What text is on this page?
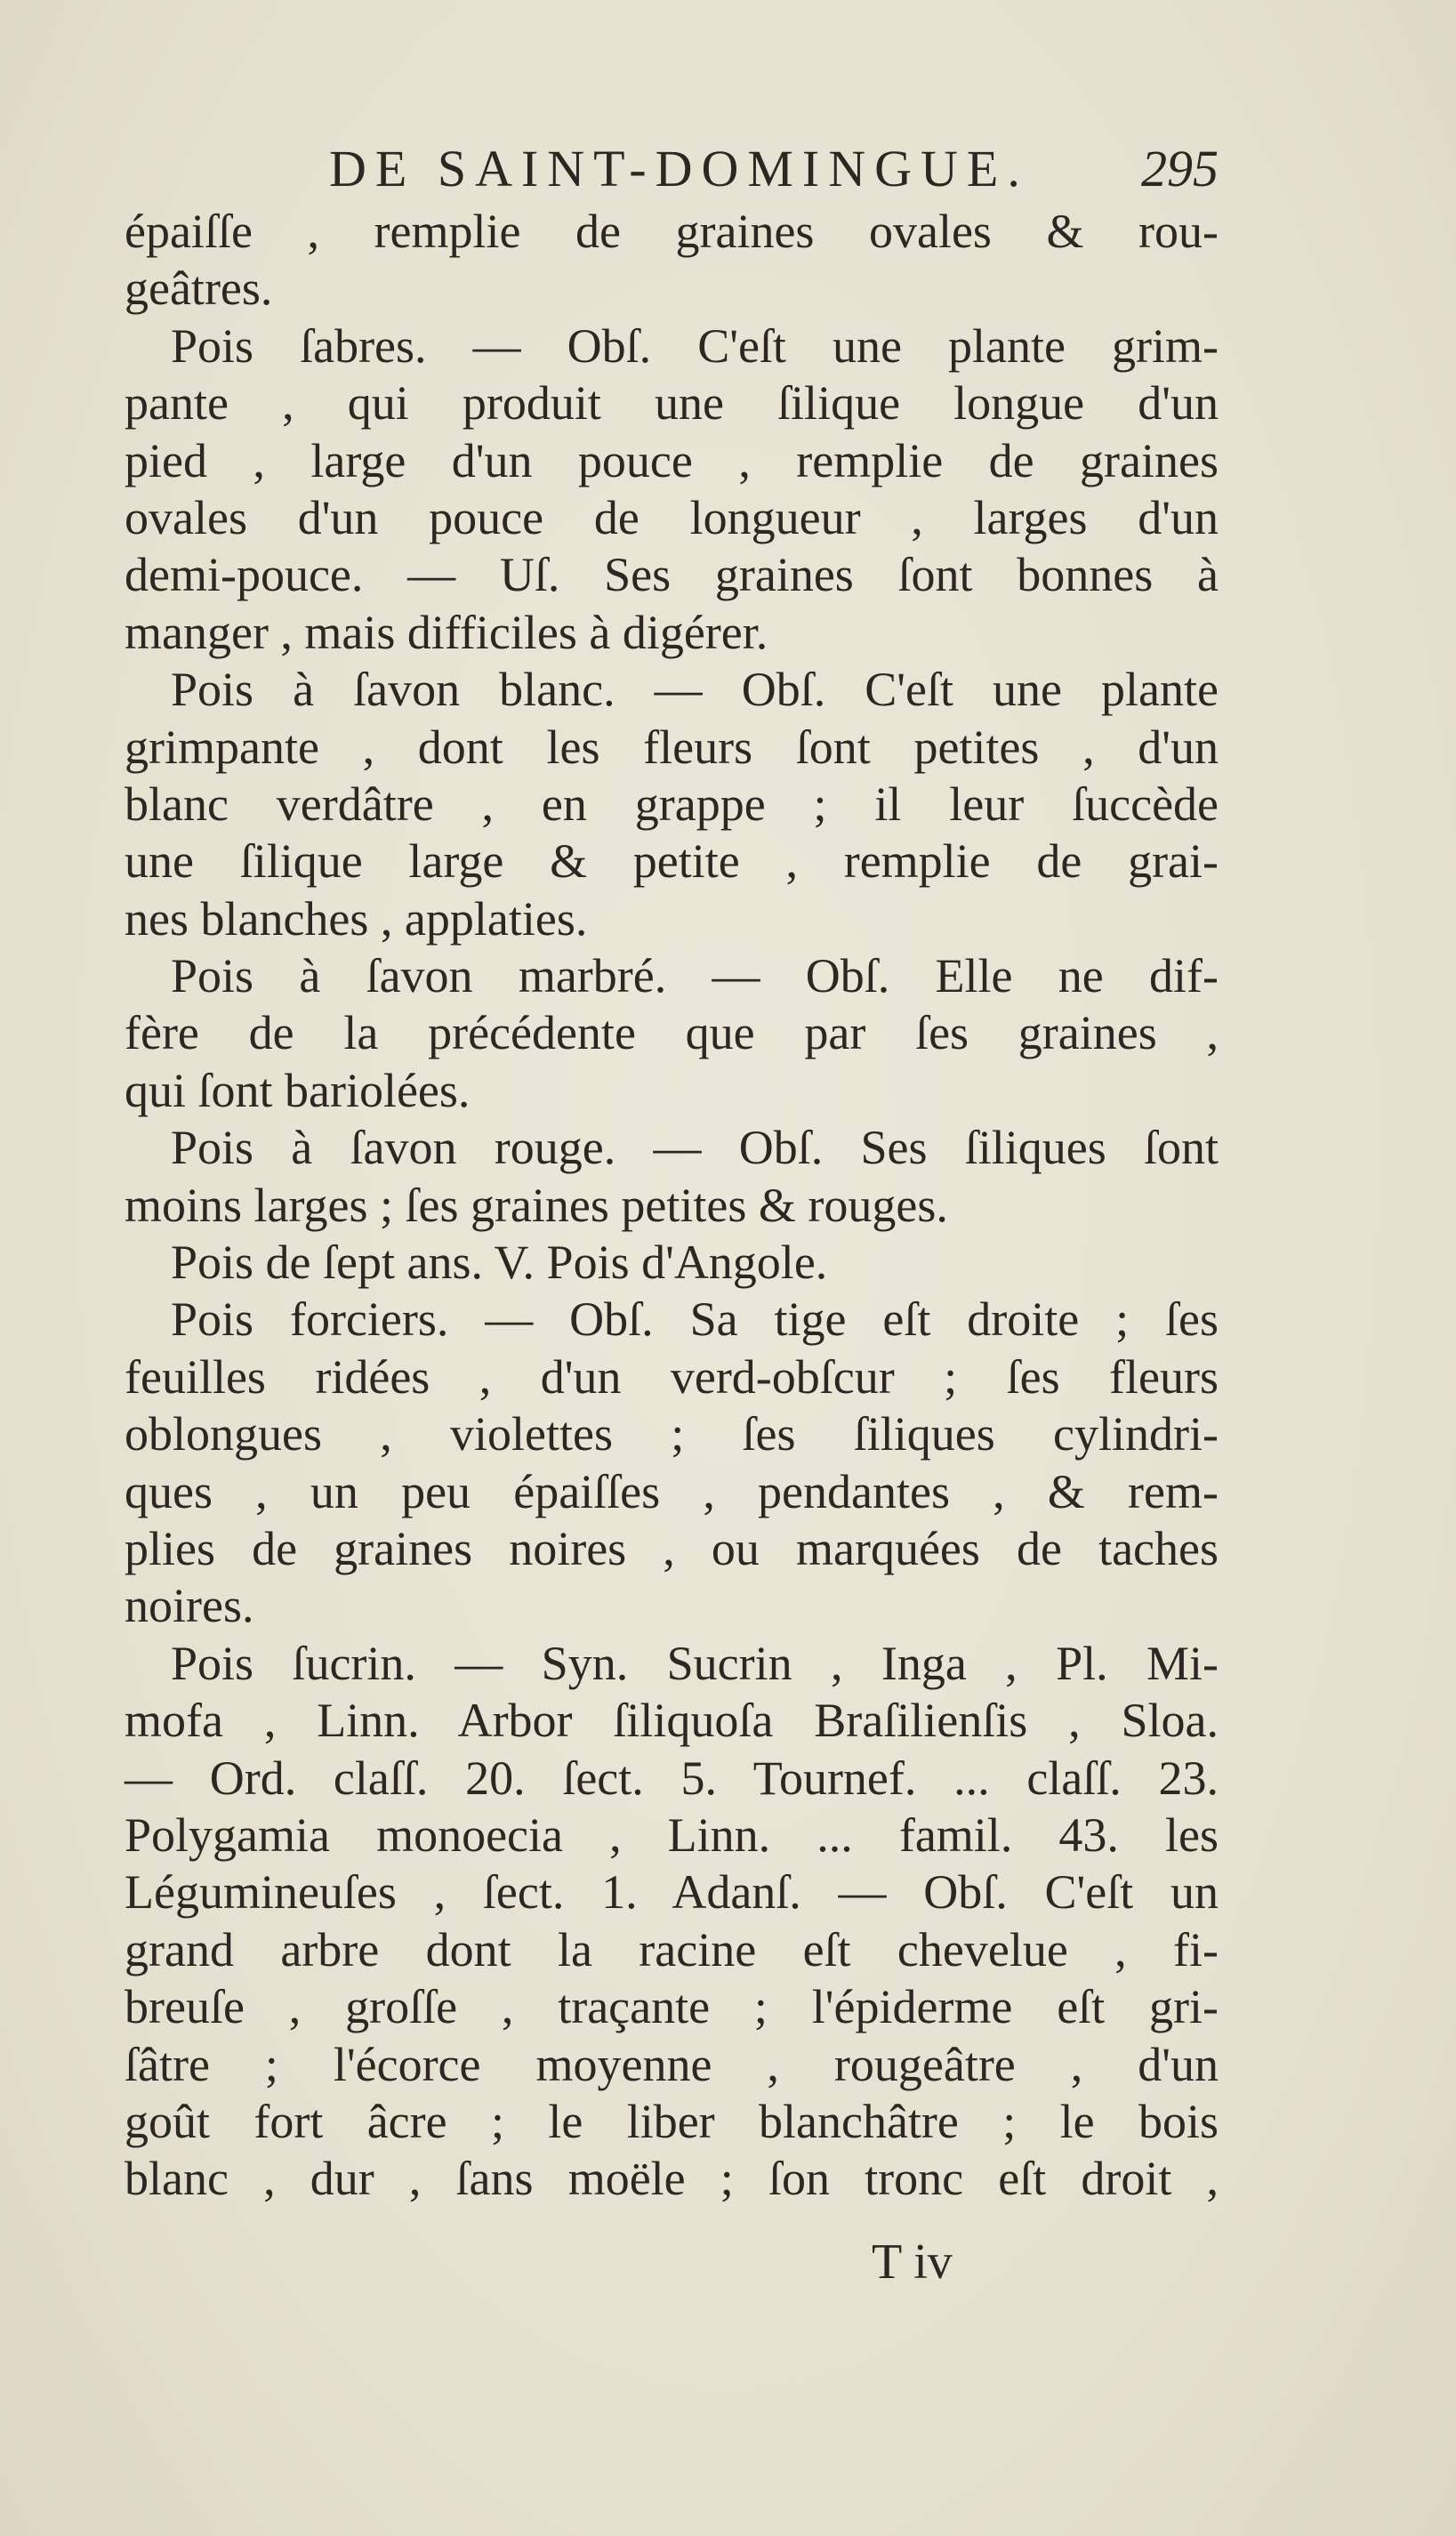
DE SAINT-DOMINGUE. 295
épaiſſe , remplie de graines ovales & rou-
geâtres.
Pois ſabres. — Obſ. C'eſt une plante grim-
pante , qui produit une ſilique longue d'un
pied , large d'un pouce , remplie de graines
ovales d'un pouce de longueur , larges d'un
demi-pouce. — Uſ. Ses graines ſont bonnes à
manger , mais difficiles à digérer.
Pois à ſavon blanc. — Obſ. C'eſt une plante
grimpante , dont les fleurs ſont petites , d'un
blanc verdâtre , en grappe ; il leur ſuccède
une ſilique large & petite , remplie de grai-
nes blanches , applaties.
Pois à ſavon marbré. — Obſ. Elle ne dif-
fère de la précédente que par ſes graines ,
qui ſont bariolées.
Pois à ſavon rouge. — Obſ. Ses ſiliques ſont
moins larges ; ſes graines petites & rouges.
Pois de ſept ans. V. Pois d'Angole.
Pois forciers. — Obſ. Sa tige eſt droite ; ſes
feuilles ridées , d'un verd-obſcur ; ſes fleurs
oblongues , violettes ; ſes ſiliques cylindri-
ques , un peu épaiſſes , pendantes , & rem-
plies de graines noires , ou marquées de taches
noires.
Pois ſucrin. — Syn. Sucrin , Inga , Pl. Mi-
mofa , Linn. Arbor ſiliquoſa Braſilienſis , Sloa.
— Ord. claſſ. 20. ſect. 5. Tournef. ... claſſ. 23.
Polygamia monoecia , Linn. ... famil. 43. les
Légumineuſes , ſect. 1. Adanſ. — Obſ. C'eſt un
grand arbre dont la racine eſt chevelue , fi-
breuſe , groſſe , traçante ; l'épiderme eſt gri-
ſâtre ; l'écorce moyenne , rougeâtre , d'un
goût fort âcre ; le liber blanchâtre ; le bois
blanc , dur , ſans moële ; ſon tronc eſt droit ,
T iv
